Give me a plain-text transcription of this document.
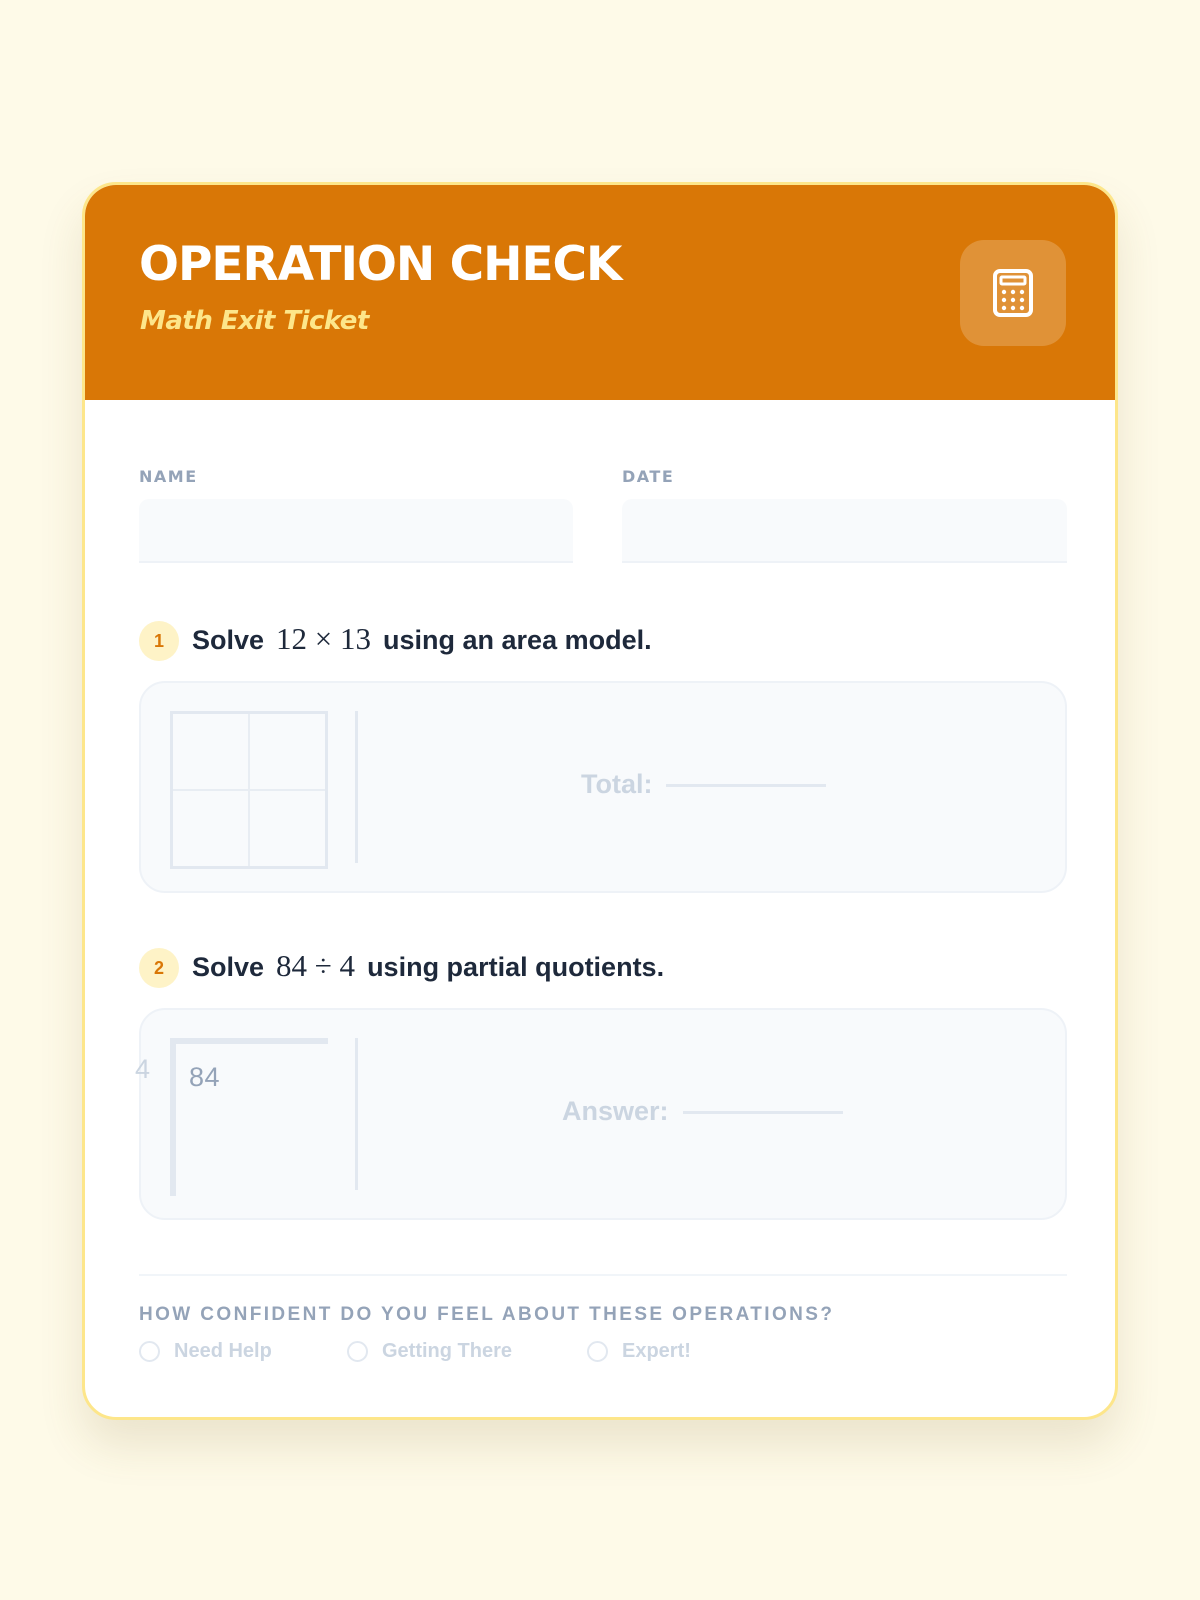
OPERATION CHECK
Math Exit Ticket
NAME	DATE
1	Solve 12 × 13 using an area model.
Total:
2	Solve 84 ÷ 4 using partial quotients.
4 84
Answer:
HOW CONFIDENT DO YOU FEEL ABOUT THESE OPERATIONS?
Need Help	Getting There	Expert!
